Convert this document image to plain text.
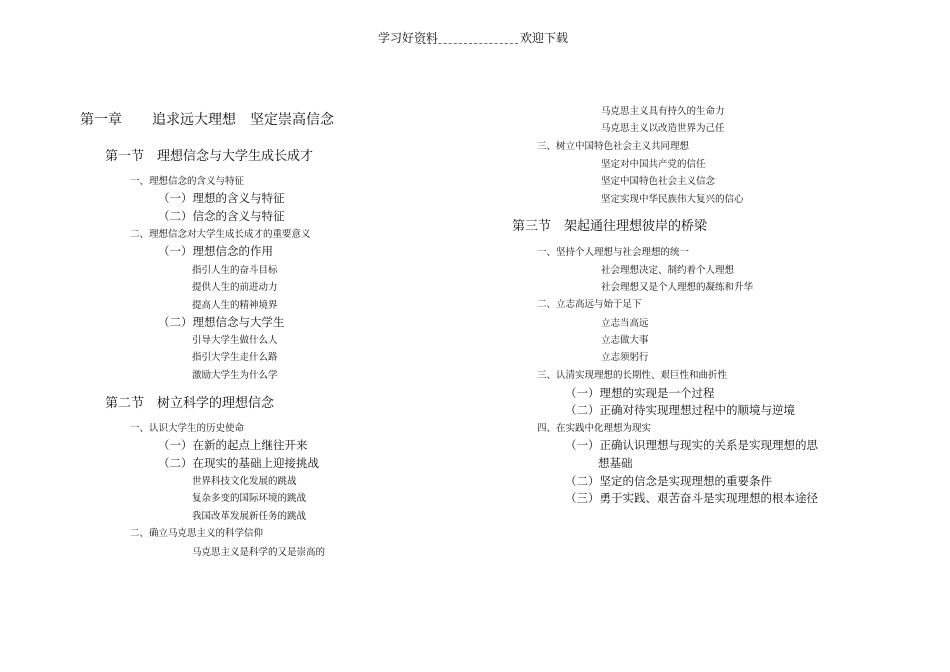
学习好资料	欢迎下载
第一章 追求远大理想　坚定崇高信念
第一节　理想信念与大学生成长成才
一、理想信念的含义与特征
（一）理想的含义与特征
（二）信念的含义与特征
二、理想信念对大学生成长成才的重要意义
（一）理想信念的作用
指引人生的奋斗目标
提供人生的前进动力
提高人生的精神境界
（二）理想信念与大学生
引导大学生做什么人
指引大学生走什么路
激励大学生为什么学
第二节　树立科学的理想信念
一、认识大学生的历史使命
（一）在新的起点上继往开来
（二）在现实的基础上迎接挑战
世界科技文化发展的跳战
复杂多变的国际环境的跳战
我国改革发展新任务的跳战
二、确立马克思主义的科学信仰
马克思主义是科学的又是崇高的
马克思主义具有持久的生命力
马克思主义以改造世界为己任
三、树立中国特色社会主义共同理想
坚定对中国共产党的信任
坚定中国特色社会主义信念
坚定实现中华民族伟大复兴的信心
第三节　架起通往理想彼岸的桥梁
一、坚持个人理想与社会理想的统一
社会理想决定、制约着个人理想
社会理想又是个人理想的凝练和升华
二、立志高远与始于足下
立志当高远
立志做大事
立志须躬行
三、认清实现理想的长期性、艰巨性和曲折性
（一）理想的实现是一个过程
（二）正确对待实现理想过程中的顺境与逆境
四、在实践中化理想为现实
（一）正确认识理想与现实的关系是实现理想的思
想基础
（二）坚定的信念是实现理想的重要条件
（三）勇于实践、艰苦奋斗是实现理想的根本途径
